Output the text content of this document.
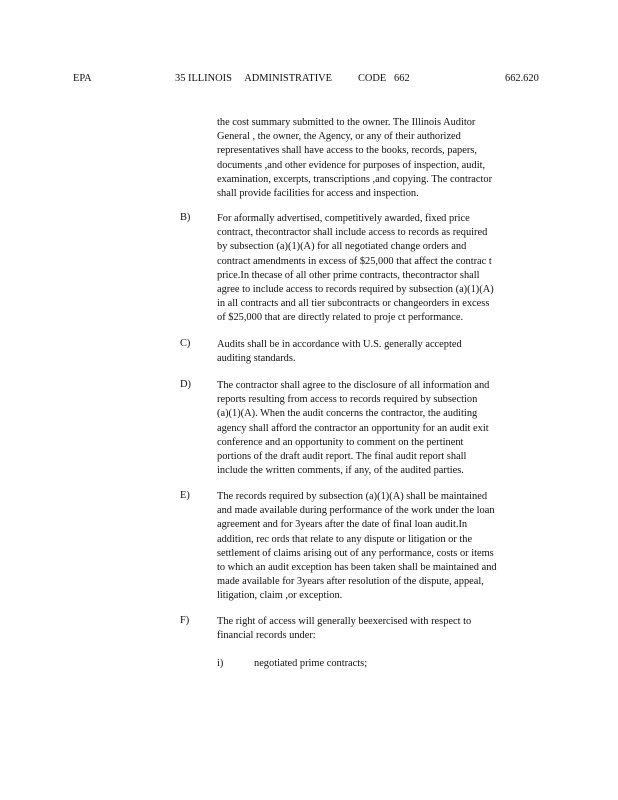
EPA	35 ILLINOIS     ADMINISTRATIVE          CODE   662	662.620
the cost summary submitted to the owner. The Illinois Auditor
General , the owner, the Agency, or any of their authorized
representatives shall have access to the books, records, papers,
documents ,and other evidence for purposes of inspection, audit,
examination, excerpts, transcriptions ,and copying. The contractor
shall provide facilities for access and inspection.
B)	For aformally advertised, competitively awarded, fixed price
contract, thecontractor shall include access to records as required
by subsection (a)(1)(A) for all negotiated change orders and
contract amendments in excess of $25,000 that affect the contrac t
price.In thecase of all other prime contracts, thecontractor shall
agree to include access to records required by subsection (a)(1)(A)
in all contracts and all tier subcontracts or changeorders in excess
of $25,000 that are directly related to proje ct performance.
C)	Audits shall be in accordance with U.S. generally accepted
auditing standards.
D)	The contractor shall agree to the disclosure of all information and
reports resulting from access to records required by subsection
(a)(1)(A). When the audit concerns the contractor, the auditing
agency shall afford the contractor an opportunity for an audit exit
conference and an opportunity to comment on the pertinent
portions of the draft audit report. The final audit report shall
include the written comments, if any, of the audited parties.
E)	The records required by subsection (a)(1)(A) shall be maintained
and made available during performance of the work under the loan
agreement and for 3years after the date of final loan audit.In
addition, rec ords that relate to any dispute or litigation or the
settlement of claims arising out of any performance, costs or items
to which an audit exception has been taken shall be maintained and
made available for 3years after resolution of the dispute, appeal,
litigation, claim ,or exception.
F)	The right of access will generally beexercised with respect to
financial records under:
i)	negotiated prime contracts;
